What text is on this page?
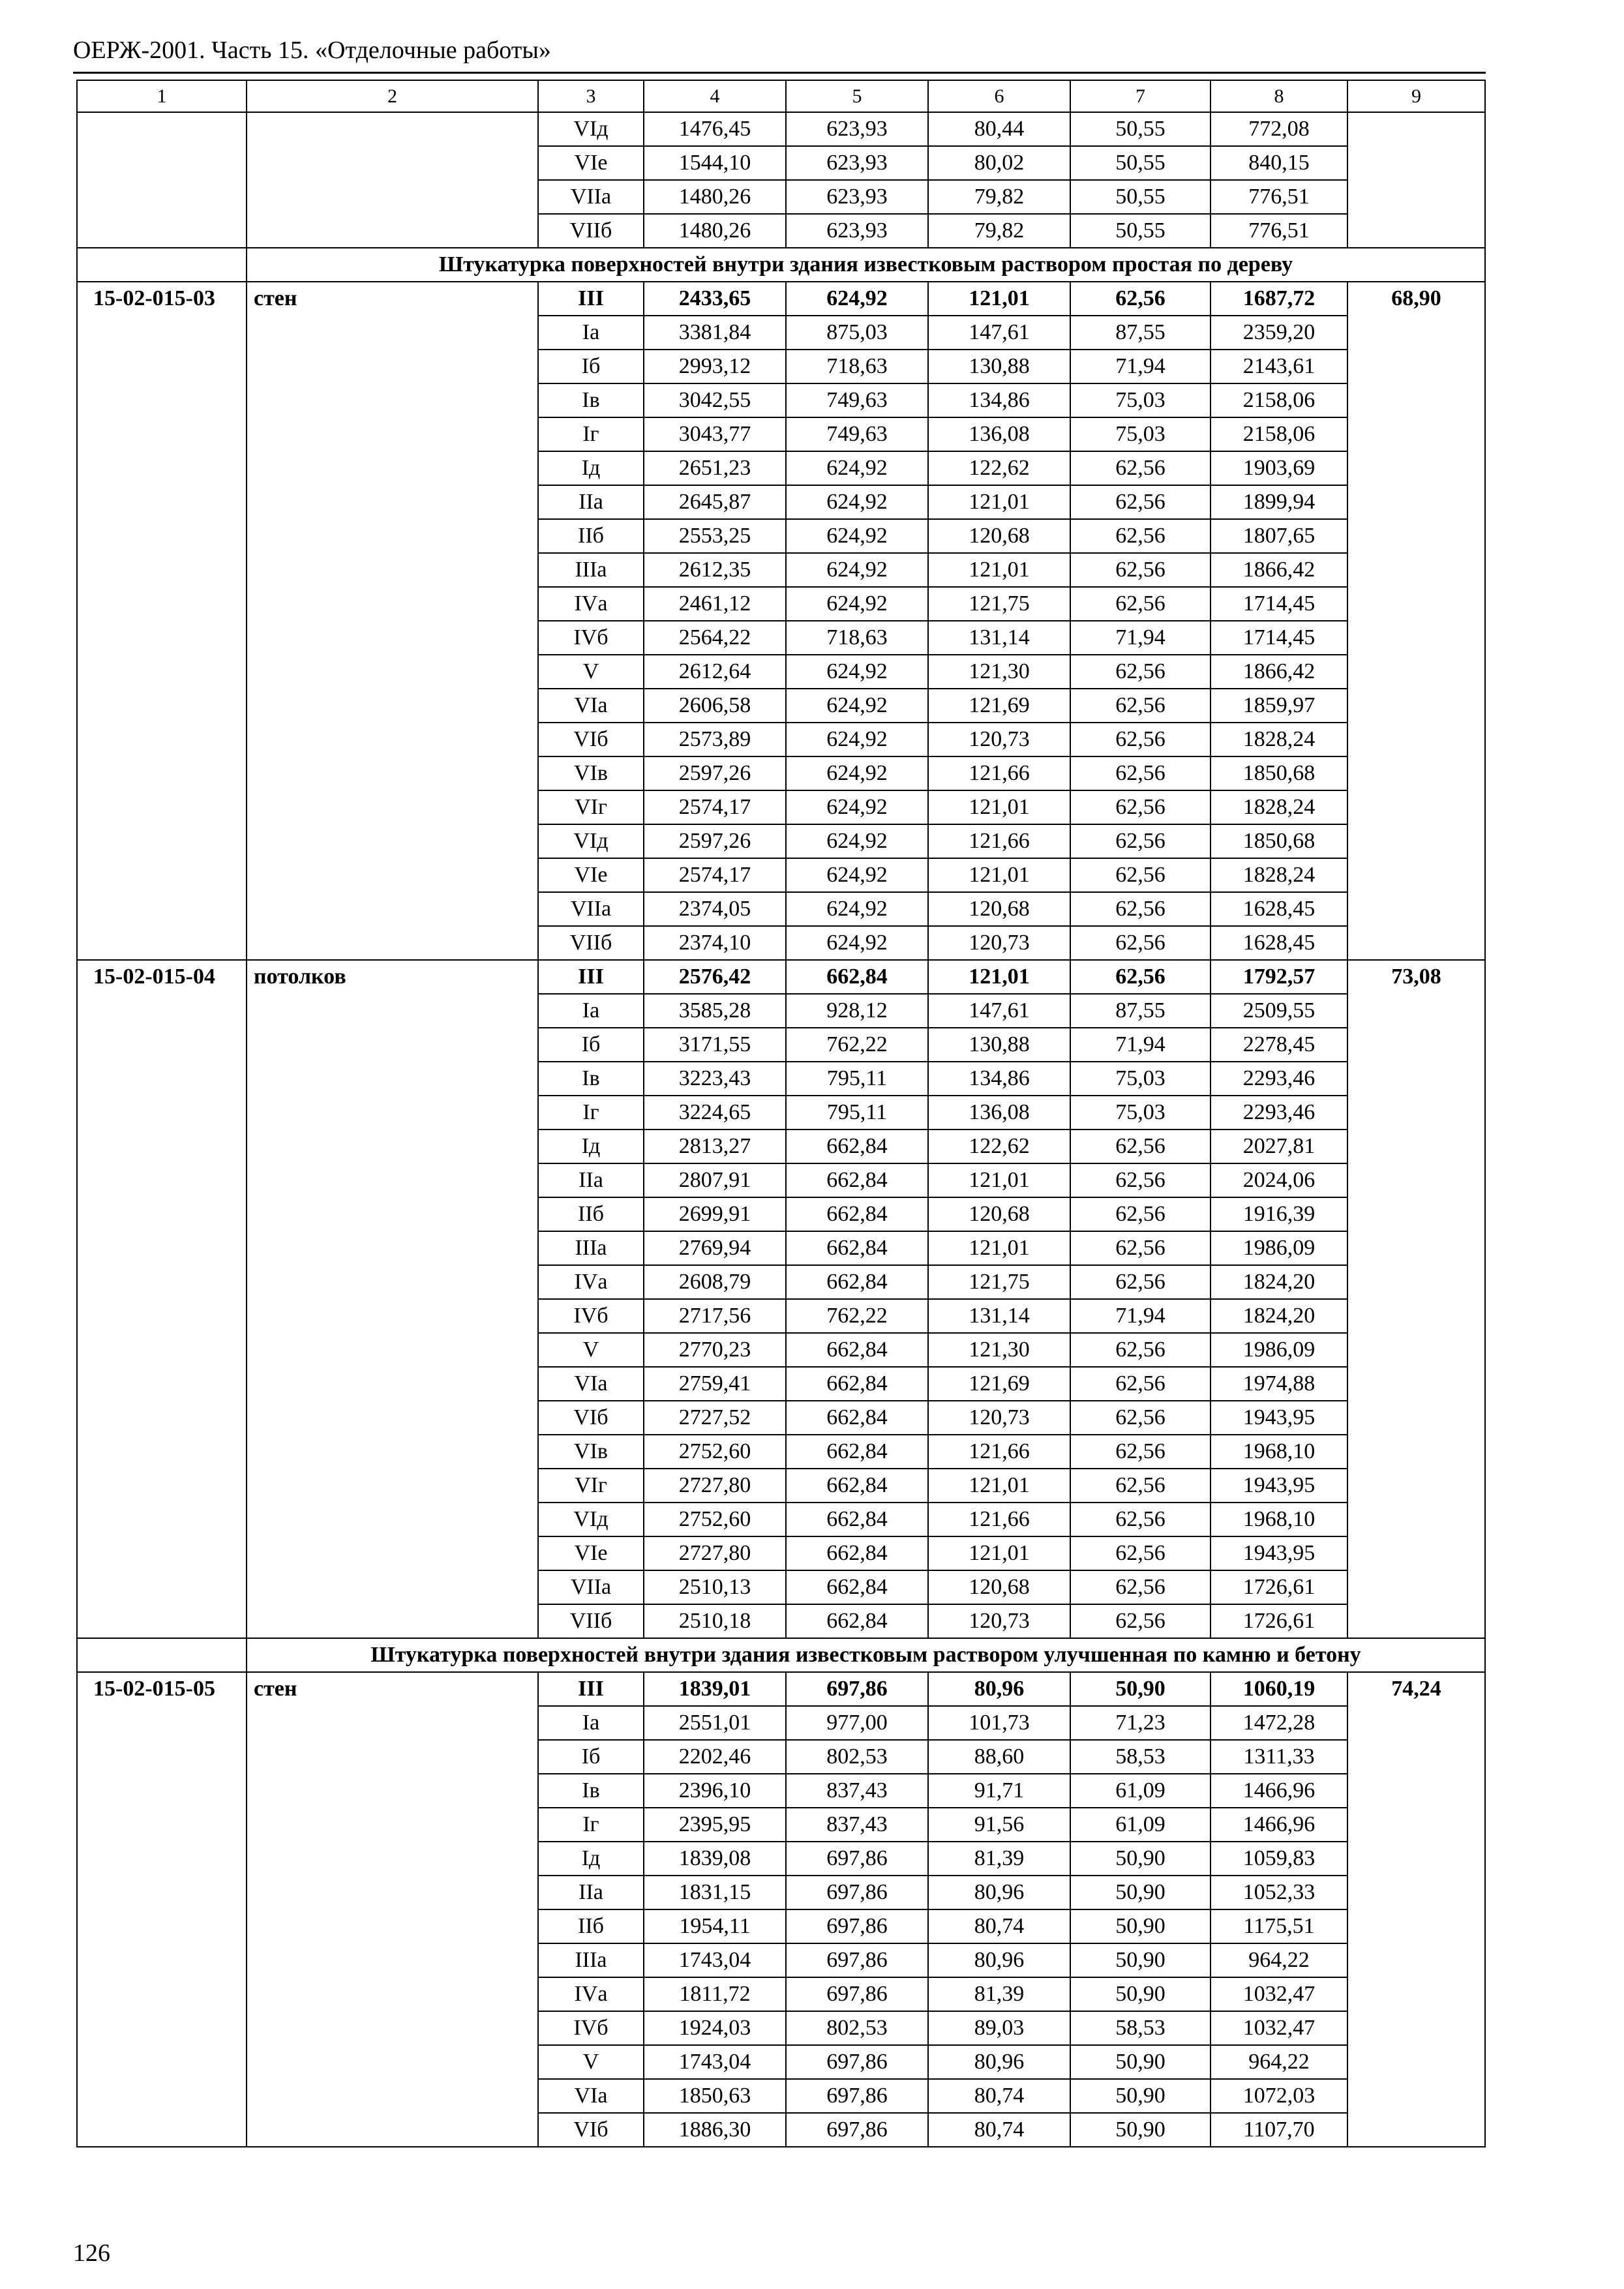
ОЕРЖ-2001. Часть 15. «Отделочные работы»
1	2	3	4	5	6	7	8	9
		VIд	1476,45	623,93	80,44	50,55	772,08	
		VIе	1544,10	623,93	80,02	50,55	840,15	
		VIIа	1480,26	623,93	79,82	50,55	776,51	
		VIIб	1480,26	623,93	79,82	50,55	776,51	
	Штукатурка поверхностей внутри здания известковым раствором простая по дереву							
15-02-015-03	стен	III	2433,65	624,92	121,01	62,56	1687,72	68,90
		Iа	3381,84	875,03	147,61	87,55	2359,20	
		Iб	2993,12	718,63	130,88	71,94	2143,61	
		Iв	3042,55	749,63	134,86	75,03	2158,06	
		Iг	3043,77	749,63	136,08	75,03	2158,06	
		Iд	2651,23	624,92	122,62	62,56	1903,69	
		IIа	2645,87	624,92	121,01	62,56	1899,94	
		IIб	2553,25	624,92	120,68	62,56	1807,65	
		IIIа	2612,35	624,92	121,01	62,56	1866,42	
		IVа	2461,12	624,92	121,75	62,56	1714,45	
		IVб	2564,22	718,63	131,14	71,94	1714,45	
		V	2612,64	624,92	121,30	62,56	1866,42	
		VIа	2606,58	624,92	121,69	62,56	1859,97	
		VIб	2573,89	624,92	120,73	62,56	1828,24	
		VIв	2597,26	624,92	121,66	62,56	1850,68	
		VIг	2574,17	624,92	121,01	62,56	1828,24	
		VIд	2597,26	624,92	121,66	62,56	1850,68	
		VIе	2574,17	624,92	121,01	62,56	1828,24	
		VIIа	2374,05	624,92	120,68	62,56	1628,45	
		VIIб	2374,10	624,92	120,73	62,56	1628,45	
15-02-015-04	потолков	III	2576,42	662,84	121,01	62,56	1792,57	73,08
		Iа	3585,28	928,12	147,61	87,55	2509,55	
		Iб	3171,55	762,22	130,88	71,94	2278,45	
		Iв	3223,43	795,11	134,86	75,03	2293,46	
		Iг	3224,65	795,11	136,08	75,03	2293,46	
		Iд	2813,27	662,84	122,62	62,56	2027,81	
		IIа	2807,91	662,84	121,01	62,56	2024,06	
		IIб	2699,91	662,84	120,68	62,56	1916,39	
		IIIа	2769,94	662,84	121,01	62,56	1986,09	
		IVа	2608,79	662,84	121,75	62,56	1824,20	
		IVб	2717,56	762,22	131,14	71,94	1824,20	
		V	2770,23	662,84	121,30	62,56	1986,09	
		VIа	2759,41	662,84	121,69	62,56	1974,88	
		VIб	2727,52	662,84	120,73	62,56	1943,95	
		VIв	2752,60	662,84	121,66	62,56	1968,10	
		VIг	2727,80	662,84	121,01	62,56	1943,95	
		VIд	2752,60	662,84	121,66	62,56	1968,10	
		VIе	2727,80	662,84	121,01	62,56	1943,95	
		VIIа	2510,13	662,84	120,68	62,56	1726,61	
		VIIб	2510,18	662,84	120,73	62,56	1726,61	
	Штукатурка поверхностей внутри здания известковым раствором улучшенная по камню и бетону							
15-02-015-05	стен	III	1839,01	697,86	80,96	50,90	1060,19	74,24
		Iа	2551,01	977,00	101,73	71,23	1472,28	
		Iб	2202,46	802,53	88,60	58,53	1311,33	
		Iв	2396,10	837,43	91,71	61,09	1466,96	
		Iг	2395,95	837,43	91,56	61,09	1466,96	
		Iд	1839,08	697,86	81,39	50,90	1059,83	
		IIа	1831,15	697,86	80,96	50,90	1052,33	
		IIб	1954,11	697,86	80,74	50,90	1175,51	
		IIIа	1743,04	697,86	80,96	50,90	964,22	
		IVа	1811,72	697,86	81,39	50,90	1032,47	
		IVб	1924,03	802,53	89,03	58,53	1032,47	
		V	1743,04	697,86	80,96	50,90	964,22	
		VIа	1850,63	697,86	80,74	50,90	1072,03	
		VIб	1886,30	697,86	80,74	50,90	1107,70	
126
